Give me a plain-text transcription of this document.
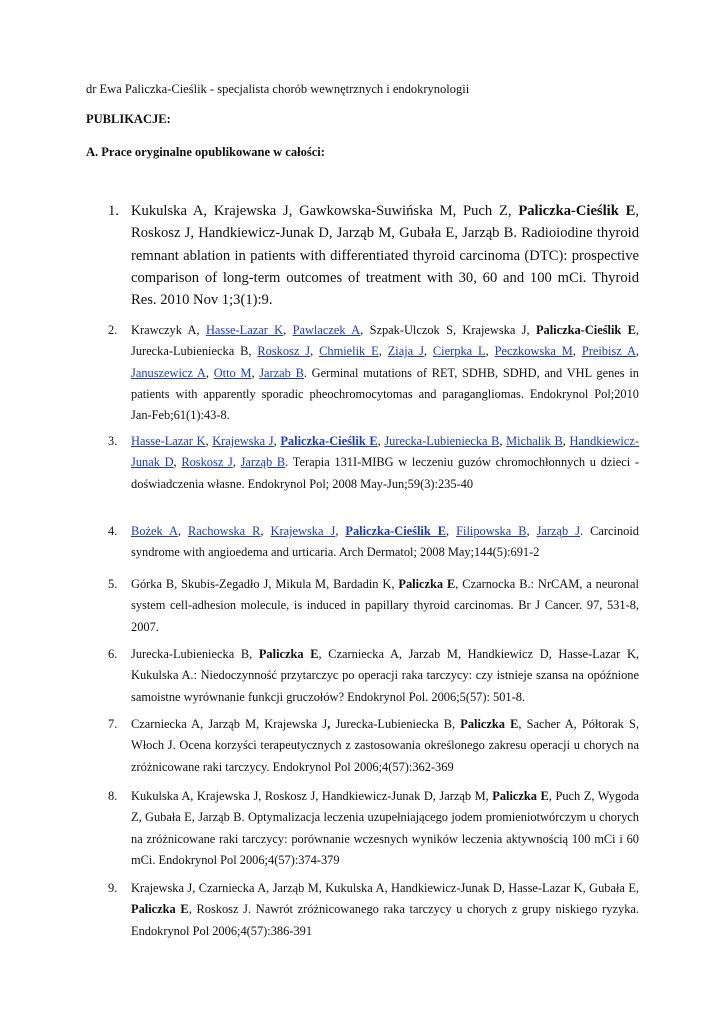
dr Ewa Paliczka-Cieślik - specjalista chorób wewnętrznych i endokrynologii
PUBLIKACJE:
A. Prace oryginalne opublikowane w całości:
1. Kukulska A, Krajewska J, Gawkowska-Suwińska M, Puch Z, Paliczka-Cieślik E, Roskosz J, Handkiewicz-Junak D, Jarząb M, Gubała E, Jarząb B. Radioiodine thyroid remnant ablation in patients with differentiated thyroid carcinoma (DTC): prospective comparison of long-term outcomes of treatment with 30, 60 and 100 mCi. Thyroid Res. 2010 Nov 1;3(1):9.
2. Krawczyk A, Hasse-Lazar K, Pawlaczek A, Szpak-Ulczok S, Krajewska J, Paliczka-Cieślik E, Jurecka-Lubieniecka B, Roskosz J, Chmielik E, Ziaja J, Cierpka L, Peczkowska M, Preibisz A, Januszewicz A, Otto M, Jarzab B. Germinal mutations of RET, SDHB, SDHD, and VHL genes in patients with apparently sporadic pheochromocytomas and paragangliomas. Endokrynol Pol;2010 Jan-Feb;61(1):43-8.
3. Hasse-Lazar K, Krajewska J, Paliczka-Cieślik E, Jurecka-Lubieniecka B, Michalik B, Handkiewicz-Junak D, Roskosz J, Jarząb B. Terapia 131I-MIBG w leczeniu guzów chromochłonnych u dzieci - doświadczenia własne. Endokrynol Pol; 2008 May-Jun;59(3):235-40
4. Bożek A, Rachowska R, Krajewska J, Paliczka-Cieślik E, Filipowska B, Jarząb J. Carcinoid syndrome with angioedema and urticaria. Arch Dermatol; 2008 May;144(5):691-2
5. Górka B, Skubis-Zegadło J, Mikula M, Bardadin K, Paliczka E, Czarnocka B.: NrCAM, a neuronal system cell-adhesion molecule, is induced in papillary thyroid carcinomas. Br J Cancer. 97, 531-8, 2007.
6. Jurecka-Lubieniecka B, Paliczka E, Czarniecka A, Jarzab M, Handkiewicz D, Hasse-Lazar K, Kukulska A.: Niedoczynność przytarczyc po operacji raka tarczycy: czy istnieje szansa na opóźnione samoistne wyrównanie funkcji gruczołów? Endokrynol Pol. 2006;5(57): 501-8.
7. Czarniecka A, Jarząb M, Krajewska J, Jurecka-Lubieniecka B, Paliczka E, Sacher A, Półtorak S, Włoch J. Ocena korzyści terapeutycznych z zastosowania określonego zakresu operacji u chorych na zróżnicowane raki tarczycy. Endokrynol Pol 2006;4(57):362-369
8. Kukulska A, Krajewska J, Roskosz J, Handkiewicz-Junak D, Jarząb M, Paliczka E, Puch Z, Wygoda Z, Gubała E, Jarząb B. Optymalizacja leczenia uzupełniającego jodem promieniotwórczym u chorych na zróżnicowane raki tarczycy: porównanie wczesnych wyników leczenia aktywnością 100 mCi i 60 mCi. Endokrynol Pol 2006;4(57):374-379
9. Krajewska J, Czarniecka A, Jarząb M, Kukulska A, Handkiewicz-Junak D, Hasse-Lazar K, Gubała E, Paliczka E, Roskosz J. Nawrót zróżnicowanego raka tarczycy u chorych z grupy niskiego ryzyka. Endokrynol Pol 2006;4(57):386-391
